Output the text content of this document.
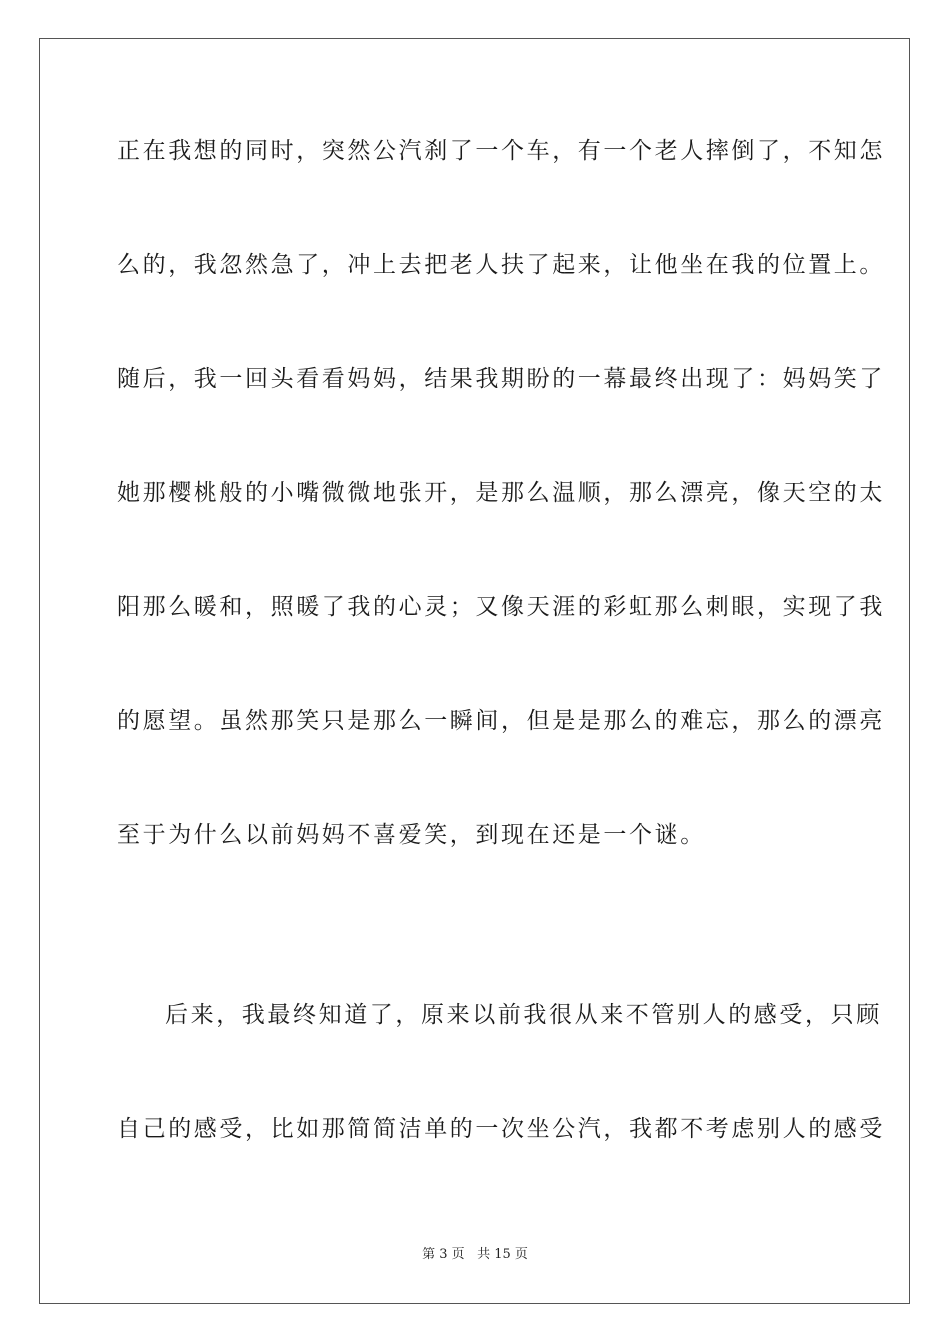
正在我想的同时，突然公汽刹了一个车，有一个老人摔倒了，不知怎
么的，我忽然急了，冲上去把老人扶了起来，让他坐在我的位置上。
随后，我一回头看看妈妈，结果我期盼的一幕最终出现了：妈妈笑了
她那樱桃般的小嘴微微地张开，是那么温顺，那么漂亮，像天空的太
阳那么暖和，照暖了我的心灵；又像天涯的彩虹那么刺眼，实现了我
的愿望。虽然那笑只是那么一瞬间，但是是那么的难忘，那么的漂亮
至于为什么以前妈妈不喜爱笑，到现在还是一个谜。
后来，我最终知道了，原来以前我很从来不管别人的感受，只顾
自己的感受，比如那简简洁单的一次坐公汽，我都不考虑别人的感受
第 3 页 共 15 页
